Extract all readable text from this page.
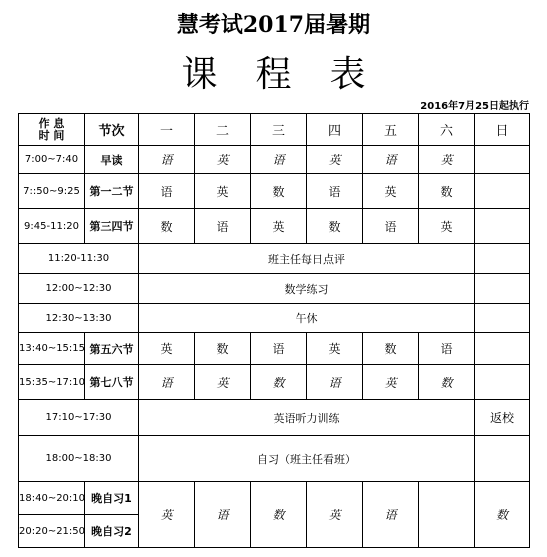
慧考试2017届暑期
课程表
2016年7月25日起执行
作 息
时 间	节次	一	二	三	四	五	六	日
7:00~7:40	早读	语	英	语	英	语	英	
7::50~9:25	第一二节	语	英	数	语	英	数	
9:45-11:20	第三四节	数	语	英	数	语	英	
11:20-11:30		班主任每日点评						
12:00~12:30		数学练习						
12:30~13:30		午休						
13:40~15:15	第五六节	英	数	语	英	数	语	
15:35~17:10	第七八节	语	英	数	语	英	数	
17:10~17:30		英语听力训练						返校
18:00~18:30		自习（班主任看班）						
18:40~20:10	晚自习1	英	语	数	英	语		数
20:20~21:50	晚自习2							
